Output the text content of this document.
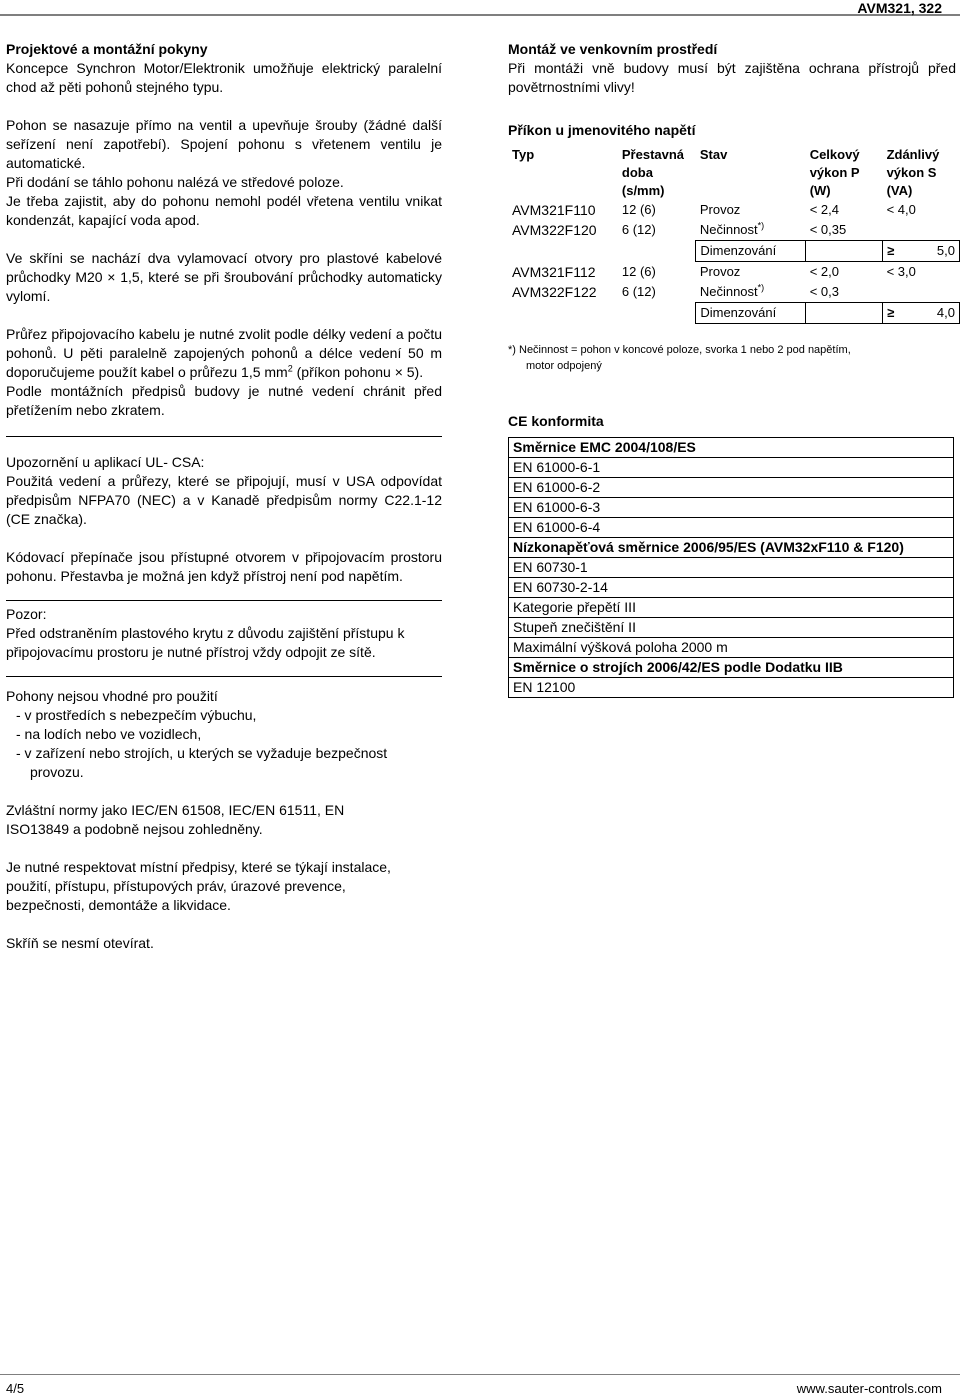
AVM321, 322

Projektové a montážní pokyny

Koncepce Synchron Motor/Elektronik umožňuje elektrický paralelní chod až pěti pohonů stejného typu.

Pohon se nasazuje přímo na ventil a upevňuje šrouby (žádné další seřízení není zapotřebí). Spojení pohonu s vřetenem ventilu je automatické.

Při dodání se táhlo pohonu nalézá ve středové poloze.

Je třeba zajistit, aby do pohonu nemohl podél vřetena ventilu vnikat kondenzát, kapající voda apod.

Ve skříni se nachází dva vylamovací otvory pro plastové kabelové průchodky M20 × 1,5, které se při šroubování průchodky automaticky vylomí.

Průřez připojovacího kabelu je nutné zvolit podle délky vedení a počtu pohonů. U pěti paralelně zapojených pohonů a délce vedení 50 m doporučujeme použít kabel o průřezu 1,5 $mm^2$ (příkon pohonu × 5).

Podle montážních předpisů budovy je nutné vedení chránit před přetížením nebo zkratem.

Upozornění u aplikací UL- CSA:

Použitá vedení a průřezy, které se připojují, musí v USA odpovídat předpisům NFPA70 (NEC) a v Kanadě předpisům normy C22.1-12 (CE značka).

Kódovací přepínače jsou přístupné otvorem v připojovacím prostoru pohonu. Přestavba je možná jen když přístroj není pod napětím.

Pozor:

Před odstraněním plastového krytu z důvodu zajištění přístupu k připojovacímu prostoru je nutné přístroj vždy odpojit ze sítě.

Pohony nejsou vhodné pro použití

- v prostředích s nebezpečím výbuchu,
- na lodích nebo ve vozidlech,
- v zařízení nebo strojích, u kterých se vyžaduje bezpečnost provozu.

Zvláštní normy jako IEC/EN 61508, IEC/EN 61511, EN ISO13849 a podobně nejsou zohledněny.

Je nutné respektovat místní předpisy, které se týkají instalace, použití, přístupu, přístupových práv, úrazové prevence, bezpečnosti, demontáže a likvidace.

Skříň se nesmí otevírat.

Montáž ve venkovním prostředí

Při montáži vně budovy musí být zajištěna ochrana přístrojů před povětrnostními vlivy!

Příkon u jmenovitého napětí

Typ	Přestavná doba (s/mm)	Stav	Celkový výkon P (W)	Zdánlivý výkon S (VA)
AVM321F110	12 (6)	Provoz	< 2,4	< 4,0
AVM322F120	6 (12)	Nečinnost*)	< 0,35	
		Dimenzování		≥ 5,0
AVM321F112	12 (6)	Provoz	< 2,0	< 3,0
AVM322F122	6 (12)	Nečinnost*)	< 0,3	
		Dimenzování		≥ 4,0
*) Nečinnost = pohon v koncové poloze, svorka 1 nebo 2 pod napětím,
motor odpojený

CE konformita

Směrnice EMC 2004/108/ES
EN 61000-6-1
EN 61000-6-2
EN 61000-6-3
EN 61000-6-4
Nízkonapěťová směrnice 2006/95/ES (AVM32xF110 & F120)
EN 60730-1
EN 60730-2-14
Kategorie přepětí III
Stupeň znečištění II
Maximální výšková poloha 2000 m
Směrnice o strojích 2006/42/ES podle Dodatku IIB
EN 12100
4/5	www.sauter-controls.com
